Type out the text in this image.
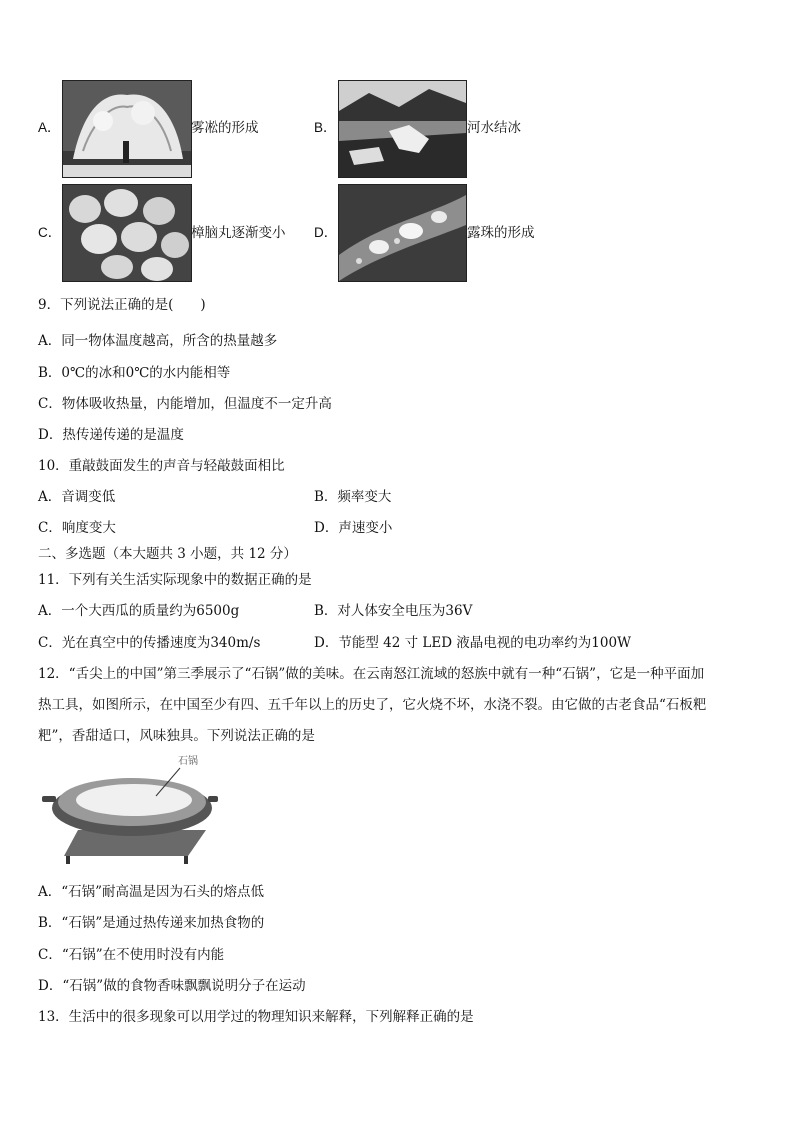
A．	雾凇的形成	B．	河水结冰
C．	樟脑丸逐渐变小 D．	露珠的形成
9．下列说法正确的是(　　)
A．同一物体温度越高，所含的热量越多
B．0℃的冰和0℃的水内能相等
C．物体吸收热量，内能增加，但温度不一定升高
D．热传递传递的是温度
10．重敲鼓面发生的声音与轻敲鼓面相比
A．音调变低	B．频率变大
C．响度变大	D．声速变小
二、多选题（本大题共 3 小题，共 12 分）
11．下列有关生活实际现象中的数据正确的是
A．一个大西瓜的质量约为6500g	B．对人体安全电压为36V
C．光在真空中的传播速度为340m/s	D．节能型 42 寸 LED 液晶电视的电功率约为100W
12．“舌尖上的中国”第三季展示了“石锅”做的美味。在云南怒江流域的怒族中就有一种“石锅”，它是一种平面加
热工具，如图所示，在中国至少有四、五千年以上的历史了，它火烧不坏，水浇不裂。由它做的古老食品“石板粑
粑”，香甜适口，风味独具。下列说法正确的是
石锅
A．“石锅”耐高温是因为石头的熔点低
B．“石锅”是通过热传递来加热食物的
C．“石锅”在不使用时没有内能
D．“石锅”做的食物香味飘飘说明分子在运动
13．生活中的很多现象可以用学过的物理知识来解释，下列解释正确的是
